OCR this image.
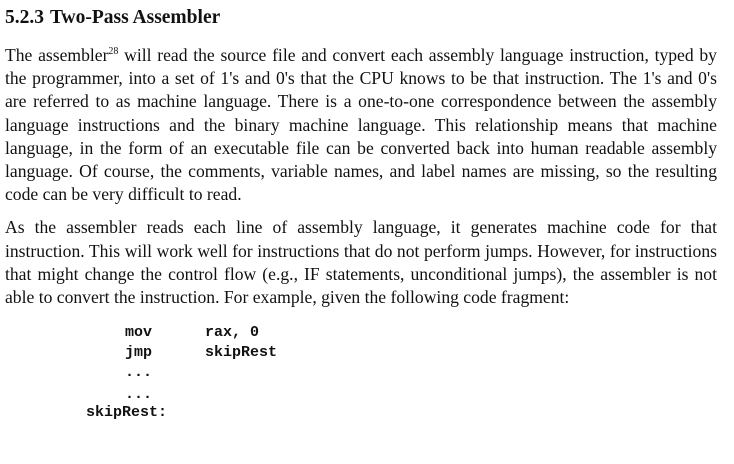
5.2.3 Two-Pass Assembler

The assembler$^{28}$ will read the source file and convert each assembly language instruction, typed by the programmer, into a set of 1's and 0's that the CPU knows to be that instruction. The 1's and 0's are referred to as machine language. There is a one-to-one correspondence between the assembly language instructions and the binary machine language. This relationship means that machine language, in the form of an executable file can be converted back into human readable assembly language. Of course, the comments, variable names, and label names are missing, so the resulting code can be very difficult to read.

As the assembler reads each line of assembly language, it generates machine code for that instruction. This will work well for instructions that do not perform jumps. However, for instructions that might change the control flow (e.g., IF statements, unconditional jumps), the assembler is not able to convert the instruction. For example, given the following code fragment:

mov	rax, 0
jmp	skipRest
...
...
skipRest:
